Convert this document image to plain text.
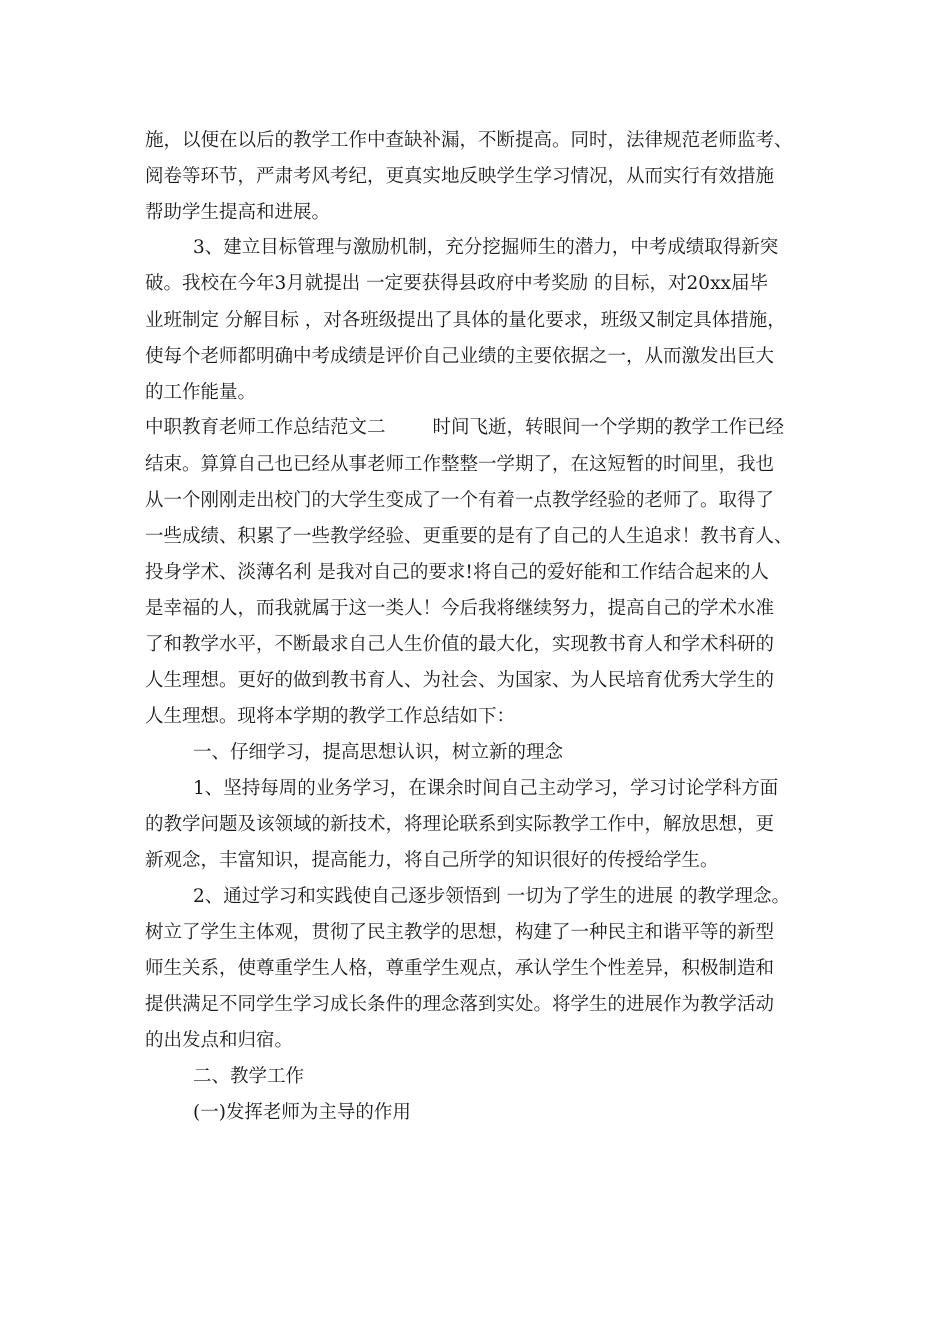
施，以便在以后的教学工作中查缺补漏，不断提高。同时，法律规范老师监考、
阅卷等环节，严肃考风考纪，更真实地反映学生学习情况，从而实行有效措施
帮助学生提高和进展。
3、建立目标管理与激励机制，充分挖掘师生的潜力，中考成绩取得新突
破。我校在今年3月就提出 一定要获得县政府中考奖励 的目标，对20xx届毕
业班制定 分解目标 ，对各班级提出了具体的量化要求，班级又制定具体措施，
使每个老师都明确中考成绩是评价自己业绩的主要依据之一，从而激发出巨大
的工作能量。
中职教育老师工作总结范文二        时间飞逝，转眼间一个学期的教学工作已经
结束。算算自己也已经从事老师工作整整一学期了，在这短暂的时间里，我也
从一个刚刚走出校门的大学生变成了一个有着一点教学经验的老师了。取得了
一些成绩、积累了一些教学经验、更重要的是有了自己的人生追求！教书育人、
投身学术、淡薄名利 是我对自己的要求!将自己的爱好能和工作结合起来的人
是幸福的人，而我就属于这一类人！今后我将继续努力，提高自己的学术水准
了和教学水平，不断最求自己人生价值的最大化，实现教书育人和学术科研的
人生理想。更好的做到教书育人、为社会、为国家、为人民培育优秀大学生的
人生理想。现将本学期的教学工作总结如下：
一、仔细学习，提高思想认识，树立新的理念
1、坚持每周的业务学习，在课余时间自己主动学习，学习讨论学科方面
的教学问题及该领域的新技术，将理论联系到实际教学工作中，解放思想，更
新观念，丰富知识，提高能力，将自己所学的知识很好的传授给学生。
2、通过学习和实践使自己逐步领悟到 一切为了学生的进展 的教学理念。
树立了学生主体观，贯彻了民主教学的思想，构建了一种民主和谐平等的新型
师生关系，使尊重学生人格，尊重学生观点，承认学生个性差异，积极制造和
提供满足不同学生学习成长条件的理念落到实处。将学生的进展作为教学活动
的出发点和归宿。
二、教学工作
(一)发挥老师为主导的作用
